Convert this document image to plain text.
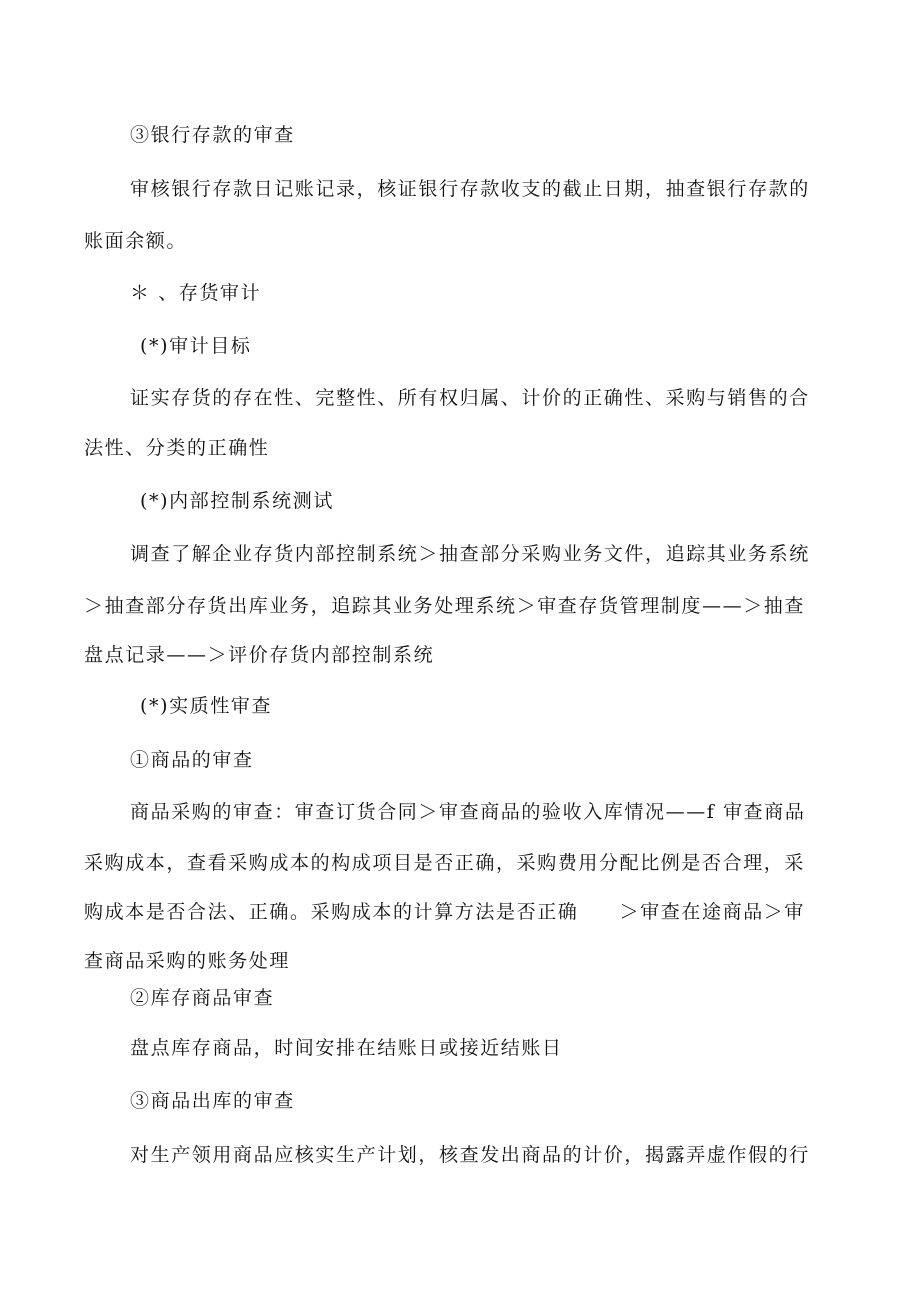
③银行存款的审查
审核银行存款日记账记录，核证银行存款收支的截止日期，抽查银行存款的
账面余额。
＊ 、存货审计
(*)审计目标
证实存货的存在性、完整性、所有权归属、计价的正确性、采购与销售的合
法性、分类的正确性
(*)内部控制系统测试
调查了解企业存货内部控制系统＞抽查部分采购业务文件，追踪其业务系统
＞抽查部分存货出库业务，追踪其业务处理系统＞审查存货管理制度——＞抽查
盘点记录——＞评价存货内部控制系统
(*)实质性审查
①商品的审查
商品采购的审查：审查订货合同＞审查商品的验收入库情况——f 审查商品
采购成本，查看采购成本的构成项目是否正确，采购费用分配比例是否合理，采
购成本是否合法、正确。采购成本的计算方法是否正确　　＞审查在途商品＞审
查商品采购的账务处理
②库存商品审查
盘点库存商品，时间安排在结账日或接近结账日
③商品出库的审查
对生产领用商品应核实生产计划，核查发出商品的计价，揭露弄虚作假的行
